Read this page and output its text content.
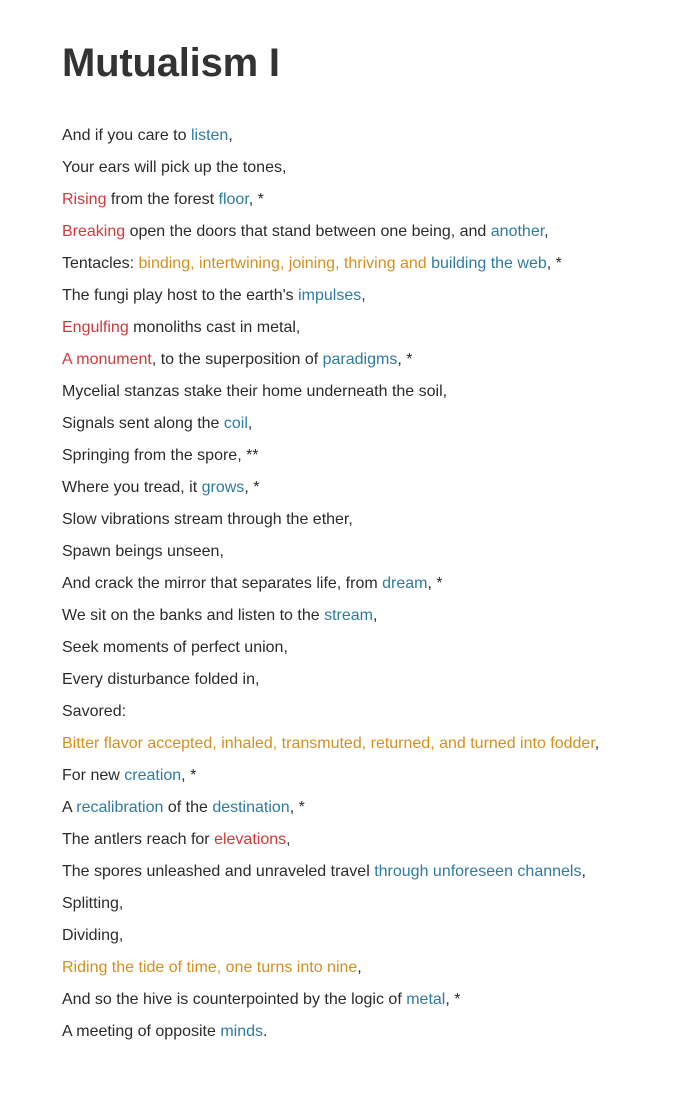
Mutualism I
And if you care to listen,
Your ears will pick up the tones,
Rising from the forest floor, *
Breaking open the doors that stand between one being, and another,
Tentacles: binding, intertwining, joining, thriving and building the web, *
The fungi play host to the earth's impulses,
Engulfing monoliths cast in metal,
A monument, to the superposition of paradigms, *
Mycelial stanzas stake their home underneath the soil,
Signals sent along the coil,
Springing from the spore, **
Where you tread, it grows, *
Slow vibrations stream through the ether,
Spawn beings unseen,
And crack the mirror that separates life, from dream, *
We sit on the banks and listen to the stream,
Seek moments of perfect union,
Every disturbance folded in,
Savored:
Bitter flavor accepted, inhaled, transmuted, returned, and turned into fodder,
For new creation, *
A recalibration of the destination, *
The antlers reach for elevations,
The spores unleashed and unraveled travel through unforeseen channels,
Splitting,
Dividing,
Riding the tide of time, one turns into nine,
And so the hive is counterpointed by the logic of metal, *
A meeting of opposite minds.
